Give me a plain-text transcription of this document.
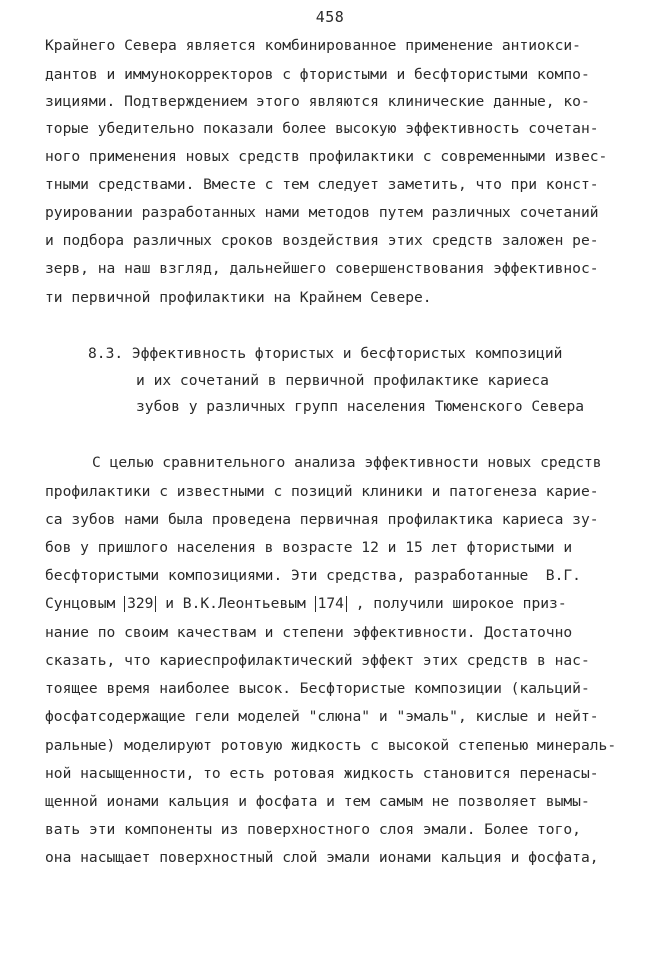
458
Крайнего Севера является комбинированное применение антиокси-
дантов и иммунокорректоров с фтористыми и бесфтористыми компо-
зициями. Подтверждением этого являются клинические данные, ко-
торые убедительно показали более высокую эффективность сочетан-
ного применения новых средств профилактики с современными извес-
тными средствами. Вместе с тем следует заметить, что при конст-
руировании разработанных нами методов путем различных сочетаний
и подбора различных сроков воздействия этих средств заложен ре-
зерв, на наш взгляд, дальнейшего совершенствования эффективнос-
ти первичной профилактики на Крайнем Севере.
8.3. Эффективность фтористых и бесфтористых композиций
и их сочетаний в первичной профилактике кариеса
зубов у различных групп населения Тюменского Севера
С целью сравнительного анализа эффективности новых средств
профилактики с известными с позиций клиники и патогенеза карие-
са зубов нами была проведена первичная профилактика кариеса зу-
бов у пришлого населения в возрасте 12 и 15 лет фтористыми и
бесфтористыми композициями. Эти средства, разработанные  В.Г.
Сунцовым 329 и В.К.Леонтьевым 174 , получили широкое приз-
нание по своим качествам и степени эффективности. Достаточно
сказать, что кариеспрофилактический эффект этих средств в нас-
тоящее время наиболее высок. Бесфтористые композиции (кальций-
фосфатсодержащие гели моделей "слюна" и "эмаль", кислые и нейт-
ральные) моделируют ротовую жидкость с высокой степенью минераль-
ной насыщенности, то есть ротовая жидкость становится перенасы-
щенной ионами кальция и фосфата и тем самым не позволяет вымы-
вать эти компоненты из поверхностного слоя эмали. Более того,
она насыщает поверхностный слой эмали ионами кальция и фосфата,
